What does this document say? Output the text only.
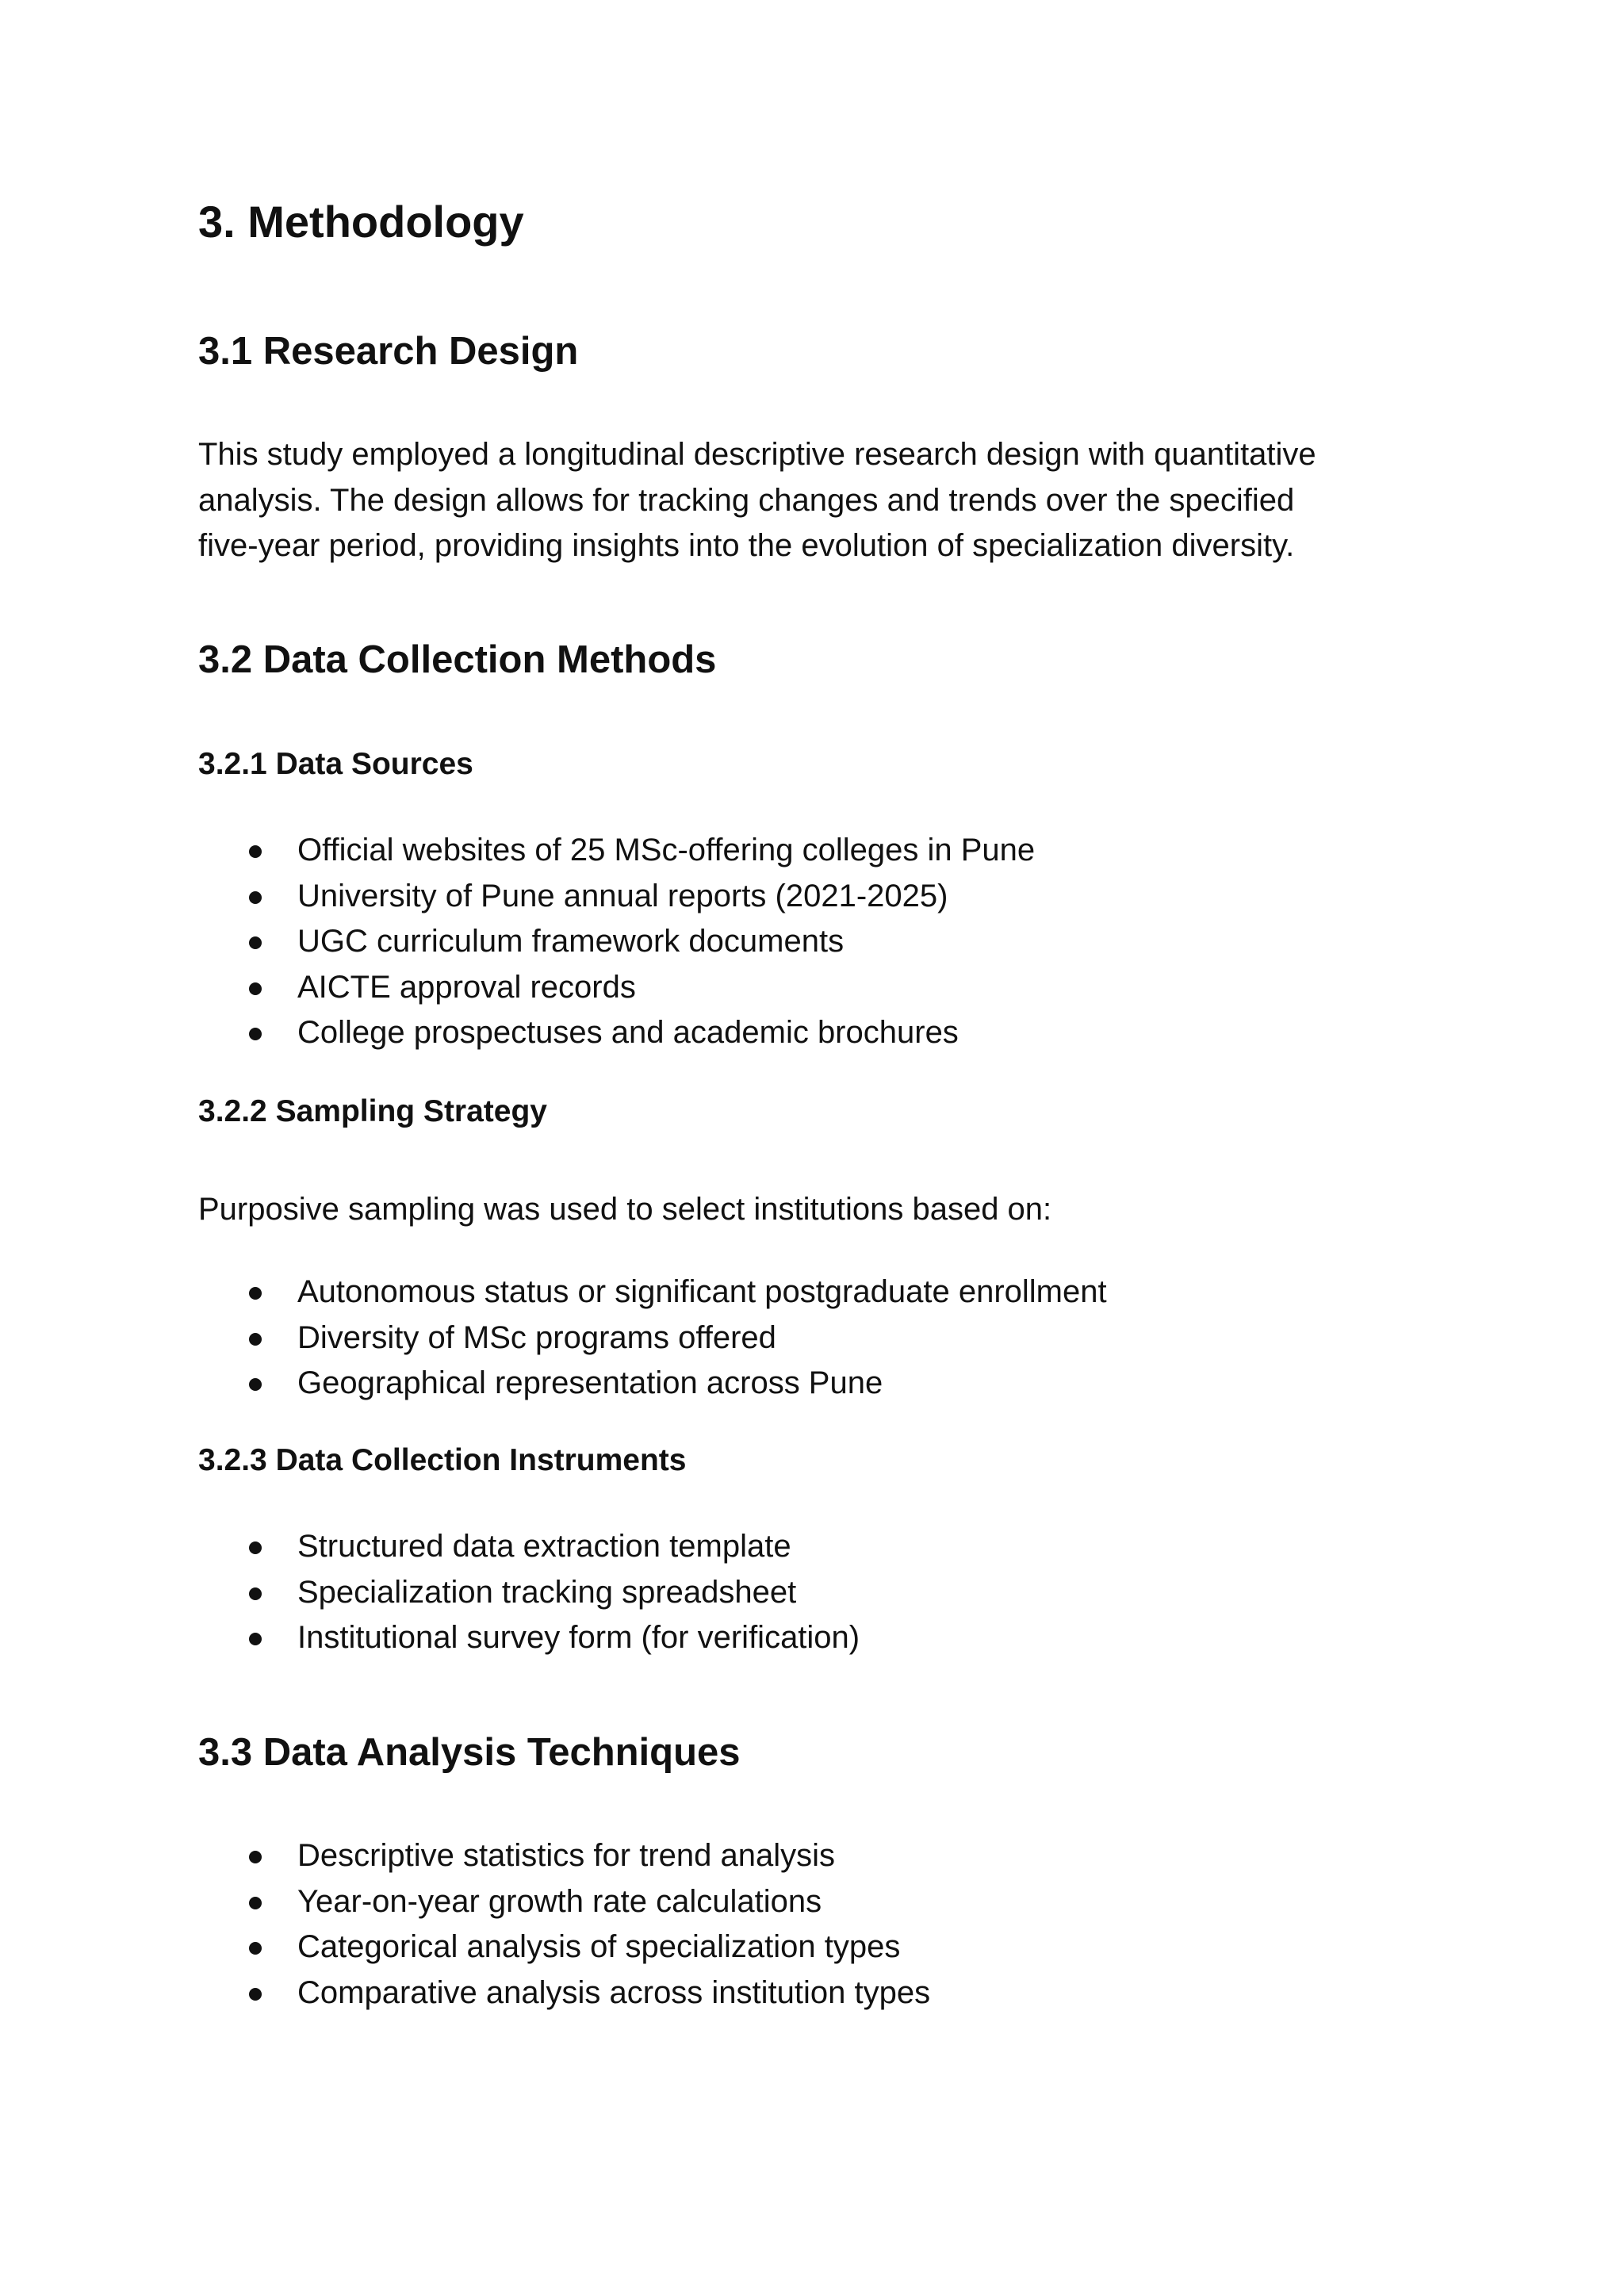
3. Methodology
3.1 Research Design

This study employed a longitudinal descriptive research design with quantitative
analysis. The design allows for tracking changes and trends over the specified
five-year period, providing insights into the evolution of specialization diversity.

3.2 Data Collection Methods
3.2.1 Data Sources
Official websites of 25 MSc-offering colleges in Pune
University of Pune annual reports (2021-2025)
UGC curriculum framework documents
AICTE approval records
College prospectuses and academic brochures
3.2.2 Sampling Strategy

Purposive sampling was used to select institutions based on:

Autonomous status or significant postgraduate enrollment
Diversity of MSc programs offered
Geographical representation across Pune
3.2.3 Data Collection Instruments
Structured data extraction template
Specialization tracking spreadsheet
Institutional survey form (for verification)
3.3 Data Analysis Techniques
Descriptive statistics for trend analysis
Year-on-year growth rate calculations
Categorical analysis of specialization types
Comparative analysis across institution types
